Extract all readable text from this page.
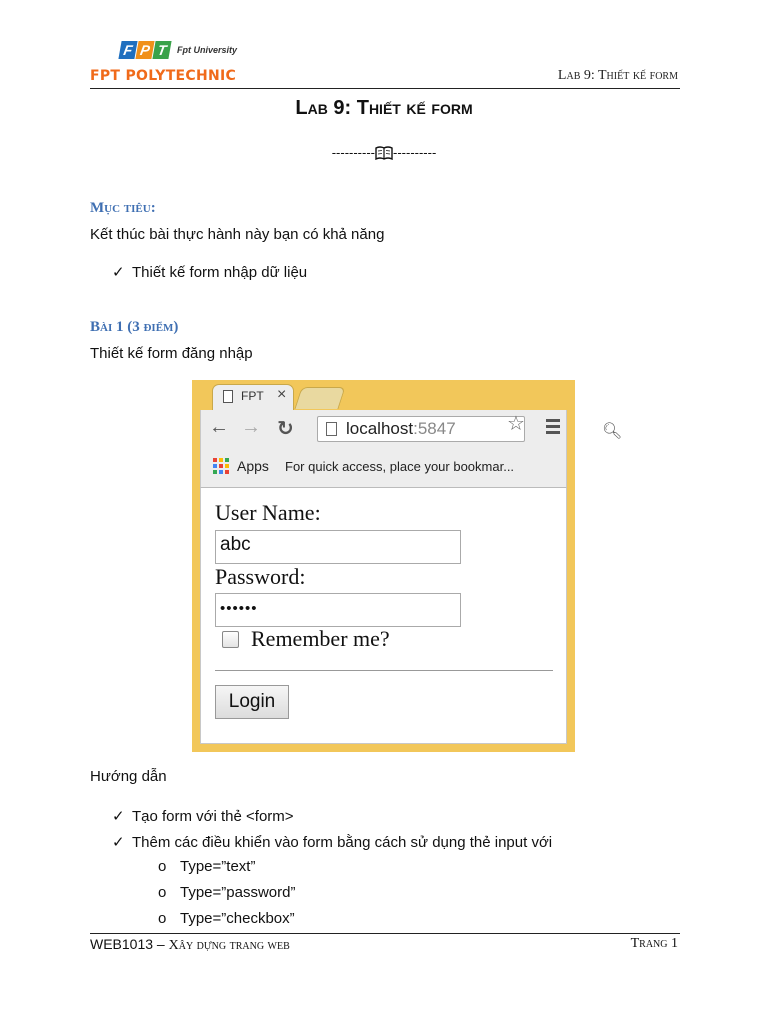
F P T	Fpt University
FPT POLYTECHNIC	Lab 9: Thiết kế form
Lab 9: Thiết kế form
---------- ----------
Mục tiêu:
Kết thúc bài thực hành này bạn có khả năng
✓ Thiết kế form nhập dữ liệu
Bài 1 (3 điểm)
Thiết kế form đăng nhập
FPT ×
← → ↻	localhost:5847	🔍︎
☆
Apps For quick access, place your bookmar...
User Name:
abc
Password:
••••••
Remember me?
Login
Hướng dẫn
✓ Tạo form với thẻ <form>
✓ Thêm các điều khiển vào form bằng cách sử dụng thẻ input với
o Type=”text”
o Type=”password”
o Type=”checkbox”
WEB1013 – Xây dựng trang web	Trang 1
